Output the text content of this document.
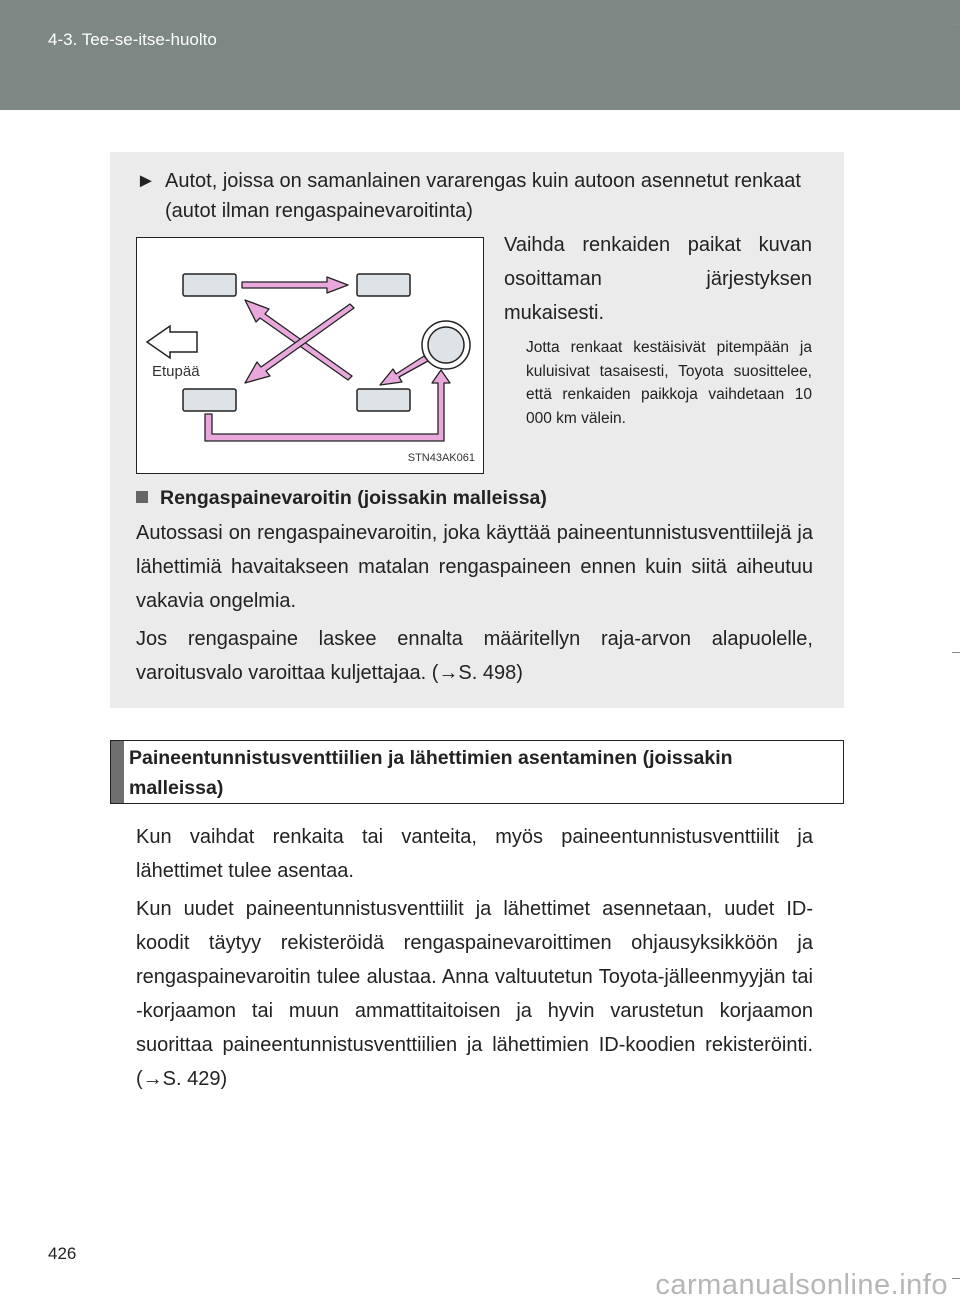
4-3. Tee-se-itse-huolto
► Autot, joissa on samanlainen vararengas kuin autoon asennetut renkaat (autot ilman rengaspainevaroitinta)
Etupää
STN43AK061
Vaihda renkaiden paikat kuvan osoittaman järjestyksen mukaisesti.
Jotta renkaat kestäisivät pitempään ja kuluisivat tasaisesti, Toyota suosittelee, että renkaiden paikkoja vaihdetaan 10 000 km välein.
Rengaspainevaroitin (joissakin malleissa)
Autossasi on rengaspainevaroitin, joka käyttää paineentunnistusventtiilejä ja lähettimiä havaitakseen matalan rengaspaineen ennen kuin siitä aiheutuu vakavia ongelmia.
Jos rengaspaine laskee ennalta määritellyn raja-arvon alapuolelle, varoitusvalo varoittaa kuljettajaa. (→S. 498)
Paineentunnistusventtiilien ja lähettimien asentaminen (joissakin malleissa)
Kun vaihdat renkaita tai vanteita, myös paineentunnistusventtiilit ja lähettimet tulee asentaa.
Kun uudet paineentunnistusventtiilit ja lähettimet asennetaan, uudet ID-koodit täytyy rekisteröidä rengaspainevaroittimen ohjausyksikköön ja rengaspainevaroitin tulee alustaa. Anna valtuutetun Toyota-jälleenmyyjän tai -korjaamon tai muun ammattitaitoisen ja hyvin varustetun korjaamon suorittaa paineentunnistusventtiilien ja lähettimien ID-koodien rekisteröinti. (→S. 429)
426
carmanualsonline.info
